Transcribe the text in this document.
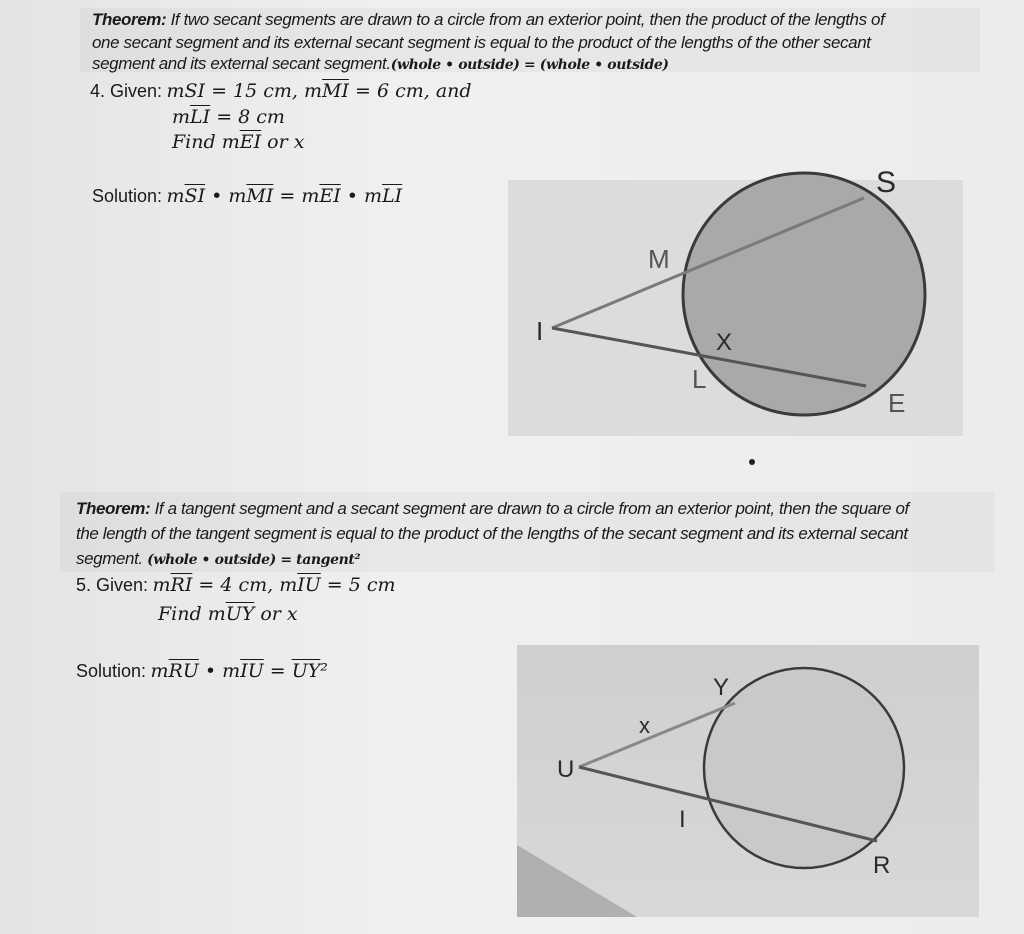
Theorem: If two secant segments are drawn to a circle from an exterior point, then the product of the lengths of
one secant segment and its external secant segment is equal to the product of the lengths of the other secant
segment and its external secant segment.(whole • outside) = (whole • outside)
4. Given: mSI = 15 cm, $m\overline{MI} = 6$ cm, and
$m\overline{LI} = 8$ cm
Find $m\overline{EI}$ or x
Solution: $m\overline{SI}$ • $m\overline{MI} = m\overline{EI}$ • $m\overline{LI}$	S
M
I	X
L
E
Theorem: If a tangent segment and a secant segment are drawn to a circle from an exterior point, then the square of
the length of the tangent segment is equal to the product of the lengths of the secant segment and its external secant
segment. (whole • outside) = tangent²
5. Given: $m\overline{RI} = 4$ cm, $m\overline{IU} = 5$ cm
Find $m\overline{UY}$ or x
Solution: $m\overline{RU}$ • $m\overline{IU} = \overline{UY}^2$
Y
x
U
I
R
